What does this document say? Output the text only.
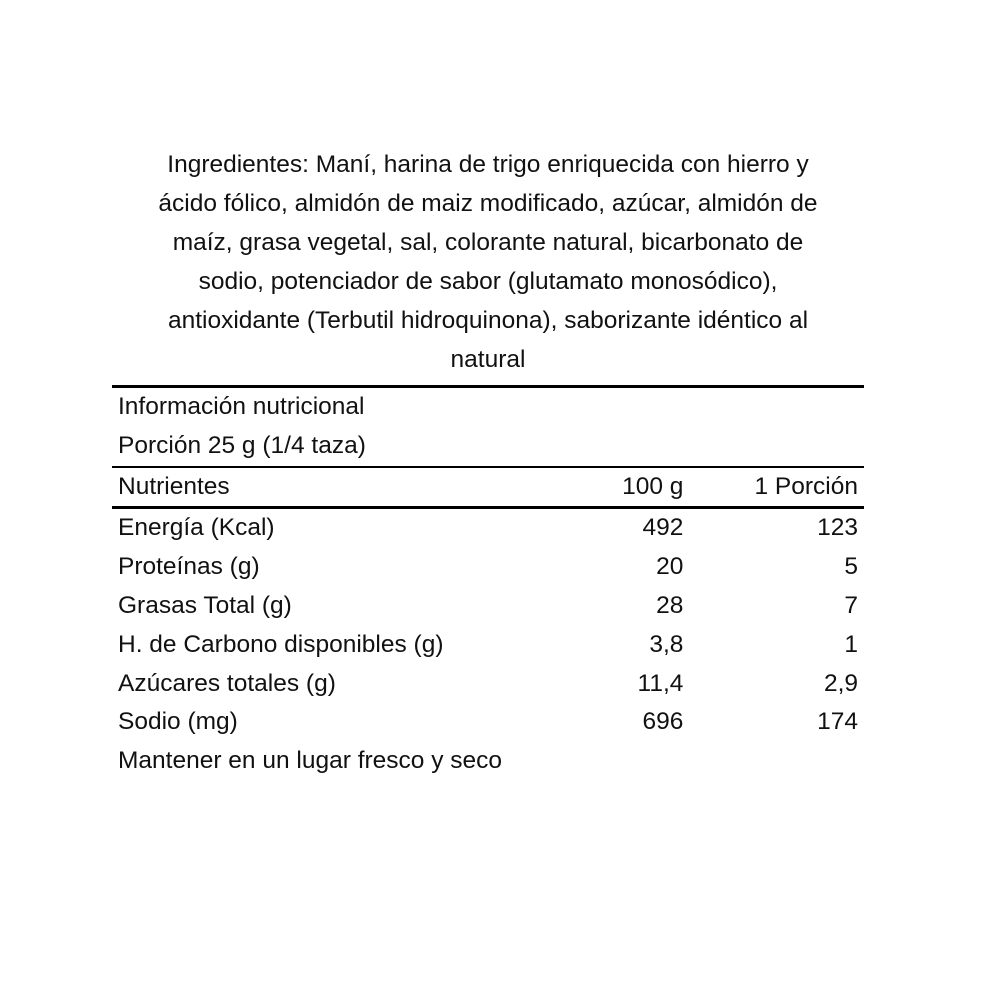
Ingredientes: Maní, harina de trigo enriquecida con hierro y
ácido fólico, almidón de maiz modificado, azúcar, almidón de
maíz, grasa vegetal, sal, colorante natural, bicarbonato de
sodio, potenciador de sabor (glutamato monosódico),
antioxidante (Terbutil hidroquinona), saborizante idéntico al
natural
Información nutricional		
Porción 25 g (1/4 taza)		
Nutrientes	100 g	1 Porción
Energía (Kcal)	492	123
Proteínas (g)	20	5
Grasas Total (g)	28	7
H. de Carbono disponibles (g)	3,8	1
Azúcares totales (g)	11,4	2,9
Sodio (mg)	696	174
Mantener en un lugar fresco y seco		
